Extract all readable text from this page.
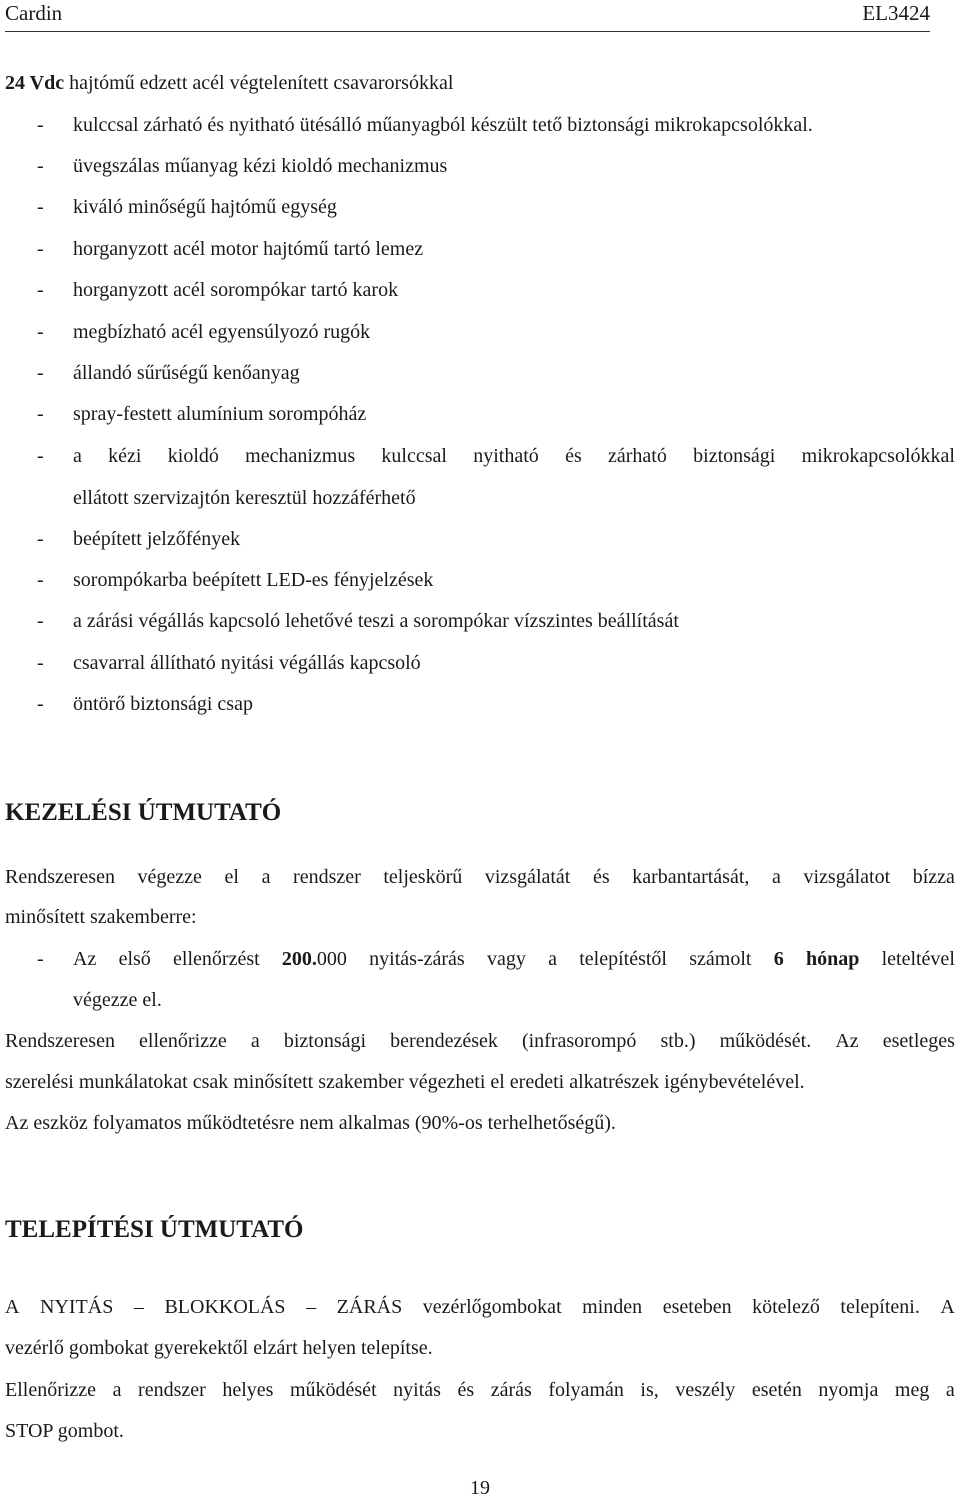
Cardin	EL3424
24 Vdc hajtómű edzett acél végtelenített csavarorsókkal
- kulccsal zárható és nyitható ütésálló műanyagból készült tető biztonsági mikrokapcsolókkal.
- üvegszálas műanyag kézi kioldó mechanizmus
- kiváló minőségű hajtómű egység
- horganyzott acél motor hajtómű tartó lemez
- horganyzott acél sorompókar tartó karok
- megbízható acél egyensúlyozó rugók
- állandó sűrűségű kenőanyag
- spray-festett alumínium sorompóház
- a kézi kioldó mechanizmus kulccsal nyitható és zárható biztonsági mikrokapcsolókkal
- beépített jelzőfények
- sorompókarba beépített LED-es fényjelzések
- a zárási végállás kapcsoló lehetővé teszi a sorompókar vízszintes beállítását
- csavarral állítható nyitási végállás kapcsoló
- öntörő biztonsági csap
ellátott szervizajtón keresztül hozzáférhető
KEZELÉSI ÚTMUTATÓ
Rendszeresen végezze el a rendszer teljeskörű vizsgálatát és karbantartását, a vizsgálatot bízza
minősített szakemberre:
- Az első ellenőrzést 200.000 nyitás-zárás vagy a telepítéstől számolt 6 hónap leteltével
végezze el.
Rendszeresen ellenőrizze a biztonsági berendezések (infrasorompó stb.) működését. Az esetleges
szerelési munkálatokat csak minősített szakember végezheti el eredeti alkatrészek igénybevételével.
Az eszköz folyamatos működtetésre nem alkalmas (90%-os terhelhetőségű).
TELEPÍTÉSI ÚTMUTATÓ
A NYITÁS – BLOKKOLÁS – ZÁRÁS vezérlőgombokat minden eseteben kötelező telepíteni. A
vezérlő gombokat gyerekektől elzárt helyen telepítse.
Ellenőrizze a rendszer helyes működését nyitás és zárás folyamán is, veszély esetén nyomja meg a
STOP gombot.
19
